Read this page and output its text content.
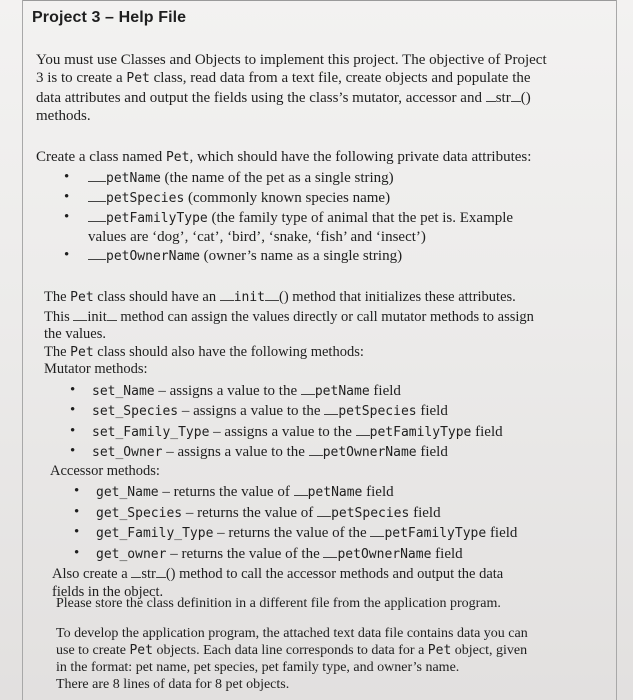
Project 3 – Help File
You must use Classes and Objects to implement this project. The objective of Project
3 is to create a Pet class, read data from a text file, create objects and populate the
data attributes and output the fields using the class’s mutator, accessor and str ()
methods.
Create a class named Pet, which should have the following private data attributes:
• petName (the name of the pet as a single string)
• petSpecies (commonly known species name)
• petFamilyType (the family type of animal that the pet is. Example
values are ‘dog’, ‘cat’, ‘bird’, ‘snake, ‘fish’ and ‘insect’)
• petOwnerName (owner’s name as a single string)
The Pet class should have an init () method that initializes these attributes.
This init method can assign the values directly or call mutator methods to assign
the values.
The Pet class should also have the following methods:
Mutator methods:
• set_Name – assigns a value to the petName field
• set_Species – assigns a value to the petSpecies field
• set_Family_Type – assigns a value to the petFamilyType field
• set_Owner – assigns a value to the petOwnerName field
Accessor methods:
• get_Name – returns the value of petName field
• get_Species – returns the value of petSpecies field
• get_Family_Type – returns the value of the petFamilyType field
• get_owner – returns the value of the petOwnerName field
Also create a str () method to call the accessor methods and output the data
fields in the object.
Please store the class definition in a different file from the application program.
To develop the application program, the attached text data file contains data you can
use to create Pet objects. Each data line corresponds to data for a Pet object, given
in the format: pet name, pet species, pet family type, and owner’s name.
There are 8 lines of data for 8 pet objects.
